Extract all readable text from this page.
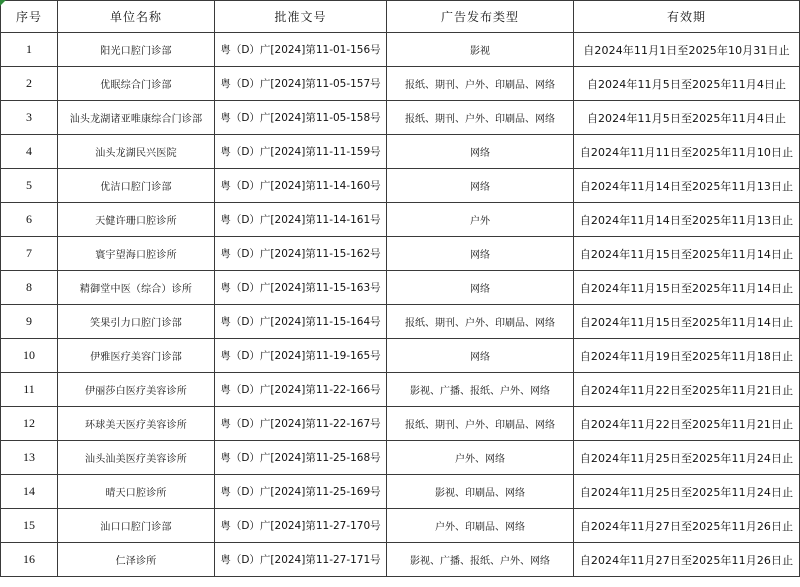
序号	单位名称	批准文号	广告发布类型	有效期
1	阳光口腔门诊部	粤（D）广[2024]第11-01-156号	影视	自2024年11月1日至2025年10月31日止
2	优眠综合门诊部	粤（D）广[2024]第11-05-157号	报纸、期刊、户外、印刷品、网络	自2024年11月5日至2025年11月4日止
3	汕头龙湖诸亚唯康综合门诊部	粤（D）广[2024]第11-05-158号	报纸、期刊、户外、印刷品、网络	自2024年11月5日至2025年11月4日止
4	汕头龙湖民兴医院	粤（D）广[2024]第11-11-159号	网络	自2024年11月11日至2025年11月10日止
5	优洁口腔门诊部	粤（D）广[2024]第11-14-160号	网络	自2024年11月14日至2025年11月13日止
6	天健许珊口腔诊所	粤（D）广[2024]第11-14-161号	户外	自2024年11月14日至2025年11月13日止
7	寰宇望海口腔诊所	粤（D）广[2024]第11-15-162号	网络	自2024年11月15日至2025年11月14日止
8	精御堂中医（综合）诊所	粤（D）广[2024]第11-15-163号	网络	自2024年11月15日至2025年11月14日止
9	笑果引力口腔门诊部	粤（D）广[2024]第11-15-164号	报纸、期刊、户外、印刷品、网络	自2024年11月15日至2025年11月14日止
10	伊雅医疗美容门诊部	粤（D）广[2024]第11-19-165号	网络	自2024年11月19日至2025年11月18日止
11	伊丽莎白医疗美容诊所	粤（D）广[2024]第11-22-166号	影视、广播、报纸、户外、网络	自2024年11月22日至2025年11月21日止
12	环球美天医疗美容诊所	粤（D）广[2024]第11-22-167号	报纸、期刊、户外、印刷品、网络	自2024年11月22日至2025年11月21日止
13	汕头汕美医疗美容诊所	粤（D）广[2024]第11-25-168号	户外、网络	自2024年11月25日至2025年11月24日止
14	晴天口腔诊所	粤（D）广[2024]第11-25-169号	影视、印刷品、网络	自2024年11月25日至2025年11月24日止
15	汕口口腔门诊部	粤（D）广[2024]第11-27-170号	户外、印刷品、网络	自2024年11月27日至2025年11月26日止
16	仁泽诊所	粤（D）广[2024]第11-27-171号	影视、广播、报纸、户外、网络	自2024年11月27日至2025年11月26日止
